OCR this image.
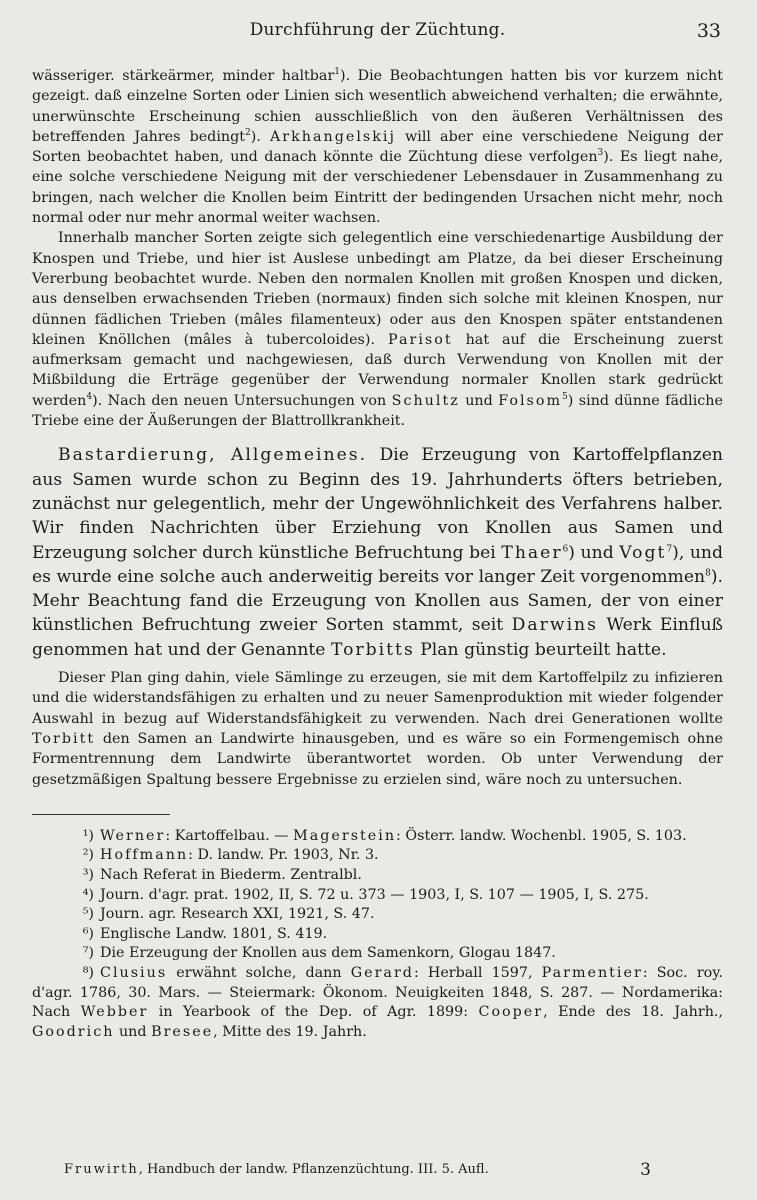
Durchführung der Züchtung.	33

wässeriger. stärkeärmer, minder haltbar$^1$). Die Beobachtungen hatten bis vor kurzem nicht gezeigt. daß einzelne Sorten oder Linien sich wesentlich abweichend verhalten; die erwähnte, unerwünschte Erscheinung schien ausschließlich von den äußeren Verhältnissen des betreffenden Jahres bedingt$^2$). Arkhangelskij will aber eine verschiedene Neigung der Sorten beobachtet haben, und danach könnte die Züchtung diese verfolgen$^3$). Es liegt nahe, eine solche verschiedene Neigung mit der verschiedener Lebensdauer in Zusammenhang zu bringen, nach welcher die Knollen beim Eintritt der bedingenden Ursachen nicht mehr, noch normal oder nur mehr anormal weiter wachsen.

Innerhalb mancher Sorten zeigte sich gelegentlich eine verschiedenartige Ausbildung der Knospen und Triebe, und hier ist Auslese unbedingt am Platze, da bei dieser Erscheinung Vererbung beobachtet wurde. Neben den normalen Knollen mit großen Knospen und dicken, aus denselben erwachsenden Trieben (normaux) finden sich solche mit kleinen Knospen, nur dünnen fädlichen Trieben (mâles filamenteux) oder aus den Knospen später entstandenen kleinen Knöllchen (mâles à tubercoloides). Parisot hat auf die Erscheinung zuerst aufmerksam gemacht und nachgewiesen, daß durch Verwendung von Knollen mit der Mißbildung die Erträge gegenüber der Verwendung normaler Knollen stark gedrückt werden$^4$). Nach den neuen Untersuchungen von Schultz und Folsom$^5$) sind dünne fädliche Triebe eine der Äußerungen der Blattrollkrankheit.

Bastardierung, Allgemeines. Die Erzeugung von Kartoffelpflanzen aus Samen wurde schon zu Beginn des 19. Jahrhunderts öfters betrieben, zunächst nur gelegentlich, mehr der Ungewöhnlichkeit des Verfahrens halber. Wir finden Nachrichten über Erziehung von Knollen aus Samen und Erzeugung solcher durch künstliche Befruchtung bei Thaer$^6$) und Vogt$^7$), und es wurde eine solche auch anderweitig bereits vor langer Zeit vorgenommen$^8$). Mehr Beachtung fand die Erzeugung von Knollen aus Samen, der von einer künstlichen Befruchtung zweier Sorten stammt, seit Darwins Werk Einfluß genommen hat und der Genannte Torbitts Plan günstig beurteilt hatte.

Dieser Plan ging dahin, viele Sämlinge zu erzeugen, sie mit dem Kartoffelpilz zu infizieren und die widerstandsfähigen zu erhalten und zu neuer Samenproduktion mit wieder folgender Auswahl in bezug auf Widerstandsfähigkeit zu verwenden. Nach drei Generationen wollte Torbitt den Samen an Landwirte hinausgeben, und es wäre so ein Formengemisch ohne Formentrennung dem Landwirte überantwortet worden. Ob unter Verwendung der gesetzmäßigen Spaltung bessere Ergebnisse zu erzielen sind, wäre noch zu untersuchen.

¹) Werner: Kartoffelbau. — Magerstein: Österr. landw. Wochenbl. 1905, S. 103.
²) Hoffmann: D. landw. Pr. 1903, Nr. 3.
³) Nach Referat in Biederm. Zentralbl.
⁴) Journ. d'agr. prat. 1902, II, S. 72 u. 373 — 1903, I, S. 107 — 1905, I, S. 275.
⁵) Journ. agr. Research XXI, 1921, S. 47.
⁶) Englische Landw. 1801, S. 419.
⁷) Die Erzeugung der Knollen aus dem Samenkorn, Glogau 1847.
⁸) Clusius erwähnt solche, dann Gerard: Herball 1597, Parmentier: Soc. roy. d'agr. 1786, 30. Mars. — Steiermark: Ökonom. Neuigkeiten 1848, S. 287. — Nordamerika: Nach Webber in Yearbook of the Dep. of Agr. 1899: Cooper, Ende des 18. Jahrh., Goodrich und Bresee, Mitte des 19. Jahrh.
Fruwirth, Handbuch der landw. Pflanzenzüchtung. III. 5. Aufl.	3
